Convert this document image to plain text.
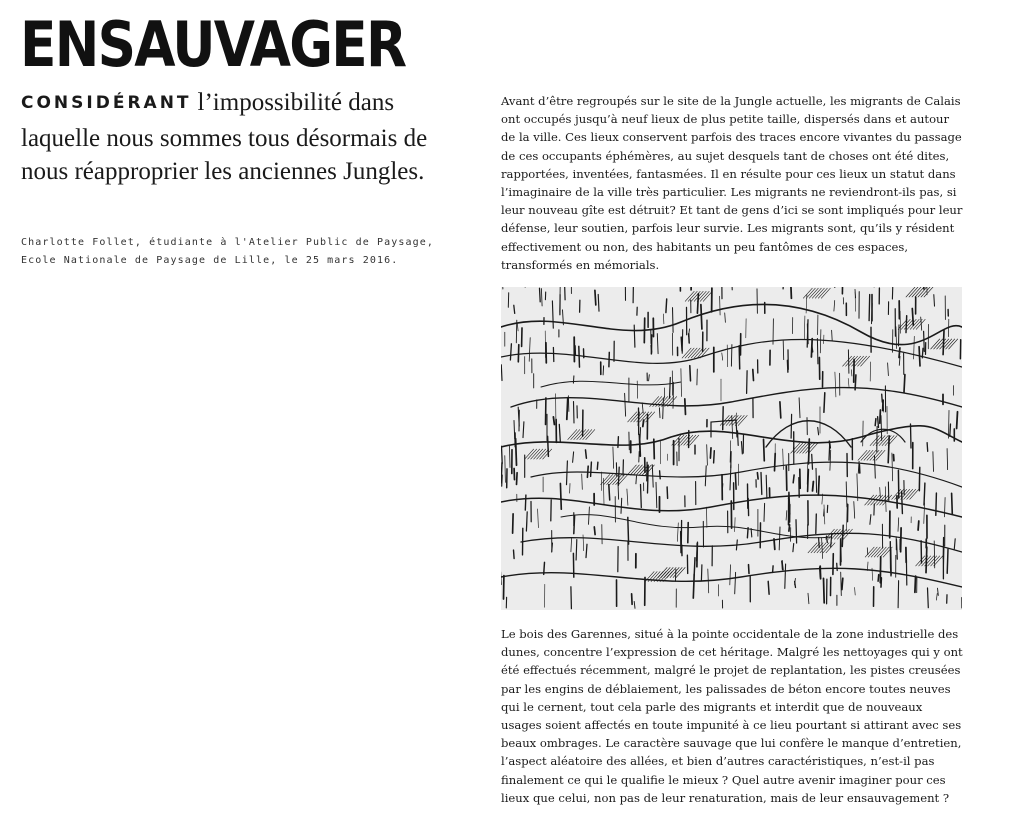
ENSAUVAGER

CONSIDÉRANT l’impossibilité dans laquelle nous sommes tous désormais de nous réapproprier les anciennes Jungles.

Charlotte Follet, étudiante à l'Atelier Public de Paysage, Ecole Nationale de Paysage de Lille, le 25 mars 2016.

Avant d’être regroupés sur le site de la Jungle actuelle, les migrants de Calais ont occupés jusqu’à neuf lieux de plus petite taille, dispersés dans et autour de la ville. Ces lieux conservent parfois des traces encore vivantes du passage de ces occupants éphémères, au sujet desquels tant de choses ont été dites, rapportées, inventées, fantasmées. Il en résulte pour ces lieux un statut dans l’imaginaire de la ville très particulier. Les migrants ne reviendront-ils pas, si leur nouveau gîte est détruit? Et tant de gens d’ici se sont impliqués pour leur défense, leur soutien, parfois leur survie. Les migrants sont, qu’ils y résident effectivement ou non, des habitants un peu fantômes de ces espaces, transformés en mémorials.

Le bois des Garennes, situé à la pointe occidentale de la zone industrielle des dunes, concentre l’expression de cet héritage. Malgré les nettoyages qui y ont été effectués récemment, malgré le projet de replantation, les pistes creusées par les engins de déblaiement, les palissades de béton encore toutes neuves qui le cernent, tout cela parle des migrants et interdit que de nouveaux usages soient affectés en toute impunité à ce lieu pourtant si attirant avec ses beaux ombrages. Le caractère sauvage que lui confère le manque d’entretien, l’aspect aléatoire des allées, et bien d’autres caractéristiques, n’est-il pas finalement ce qui le qualifie le mieux ? Quel autre avenir imaginer pour ces lieux que celui, non pas de leur renaturation, mais de leur ensauvagement ?
